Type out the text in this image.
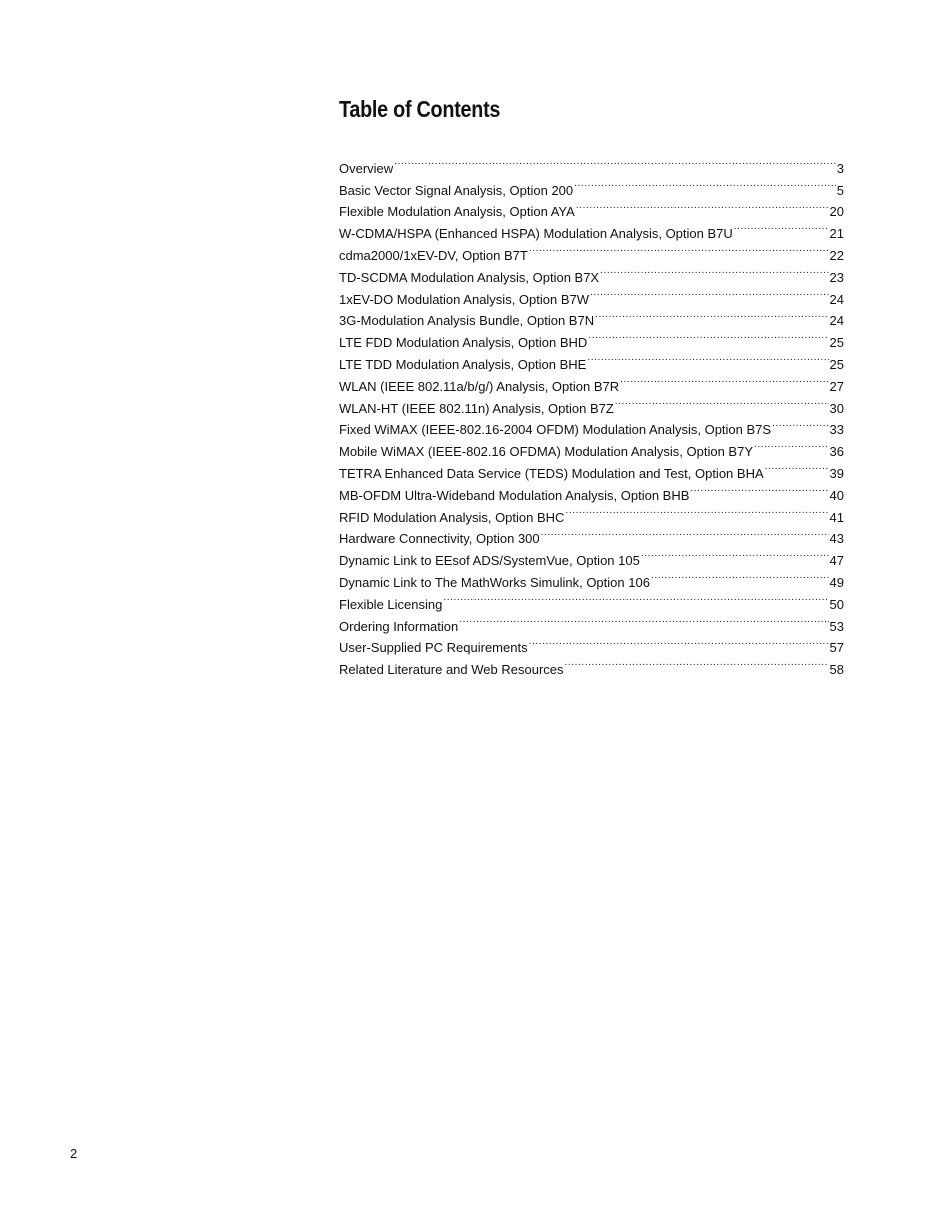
Table of Contents
Overview .....	3
Basic Vector Signal Analysis, Option 200 .....	5
Flexible Modulation Analysis, Option AYA .....	20
W-CDMA/HSPA (Enhanced HSPA) Modulation Analysis, Option B7U .....	21
cdma2000/1xEV-DV, Option B7T .....	22
TD-SCDMA Modulation Analysis, Option B7X .....	23
1xEV-DO Modulation Analysis, Option B7W .....	24
3G-Modulation Analysis Bundle, Option B7N .....	24
LTE FDD Modulation Analysis, Option BHD .....	25
LTE TDD Modulation Analysis, Option BHE .....	25
WLAN (IEEE 802.11a/b/g/) Analysis, Option B7R .....	27
WLAN-HT (IEEE 802.11n) Analysis, Option B7Z .....	30
Fixed WiMAX (IEEE-802.16-2004 OFDM) Modulation Analysis, Option B7S .....	33
Mobile WiMAX (IEEE-802.16 OFDMA) Modulation Analysis, Option B7Y .....	36
TETRA Enhanced Data Service (TEDS) Modulation and Test, Option BHA .....	39
MB-OFDM Ultra-Wideband Modulation Analysis, Option BHB .....	40
RFID Modulation Analysis, Option BHC .....	41
Hardware Connectivity, Option 300 .....	43
Dynamic Link to EEsof ADS/SystemVue, Option 105 .....	47
Dynamic Link to The MathWorks Simulink, Option 106 .....	49
Flexible Licensing .....	50
Ordering Information .....	53
User-Supplied PC Requirements .....	57
Related Literature and Web Resources .....	58

2
